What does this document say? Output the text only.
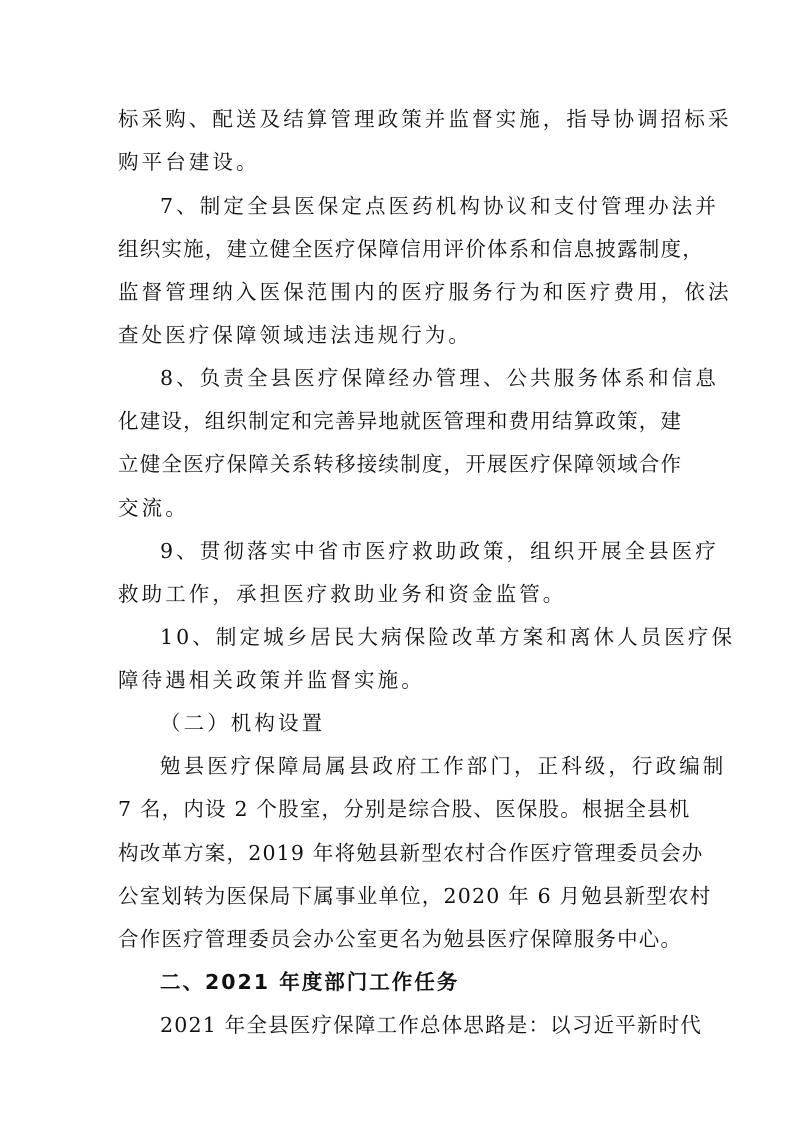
标采购、配送及结算管理政策并监督实施，指导协调招标采
购平台建设。
7、制定全县医保定点医药机构协议和支付管理办法并
组织实施，建立健全医疗保障信用评价体系和信息披露制度，
监督管理纳入医保范围内的医疗服务行为和医疗费用，依法
查处医疗保障领域违法违规行为。
8、负责全县医疗保障经办管理、公共服务体系和信息
化建设，组织制定和完善异地就医管理和费用结算政策，建
立健全医疗保障关系转移接续制度，开展医疗保障领域合作
交流。
9、贯彻落实中省市医疗救助政策，组织开展全县医疗
救助工作，承担医疗救助业务和资金监管。
10、制定城乡居民大病保险改革方案和离休人员医疗保
障待遇相关政策并监督实施。
（二）机构设置
勉县医疗保障局属县政府工作部门，正科级，行政编制
7 名，内设 2 个股室，分别是综合股、医保股。根据全县机
构改革方案，2019 年将勉县新型农村合作医疗管理委员会办
公室划转为医保局下属事业单位，2020 年 6 月勉县新型农村
合作医疗管理委员会办公室更名为勉县医疗保障服务中心。
二、2021 年度部门工作任务
2021 年全县医疗保障工作总体思路是：以习近平新时代
